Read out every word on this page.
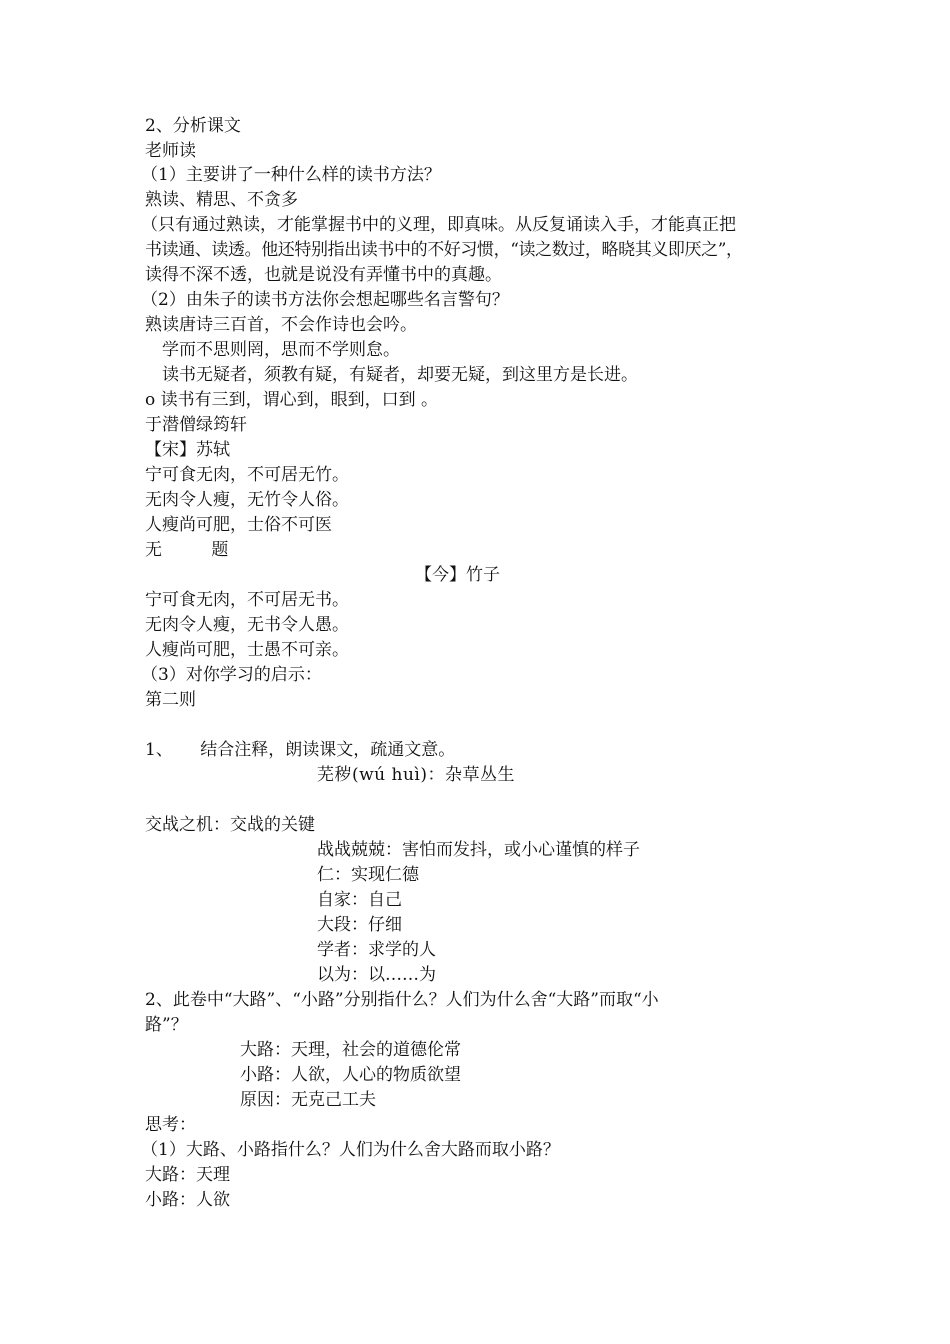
2、分析课文
老师读
（1）主要讲了一种什么样的读书方法？
熟读、精思、不贪多
（只有通过熟读，才能掌握书中的义理，即真味。从反复诵读入手，才能真正把
书读通、读透。他还特别指出读书中的不好习惯，“读之数过，略晓其义即厌之”，
读得不深不透，也就是说没有弄懂书中的真趣。
（2）由朱子的读书方法你会想起哪些名言警句？
熟读唐诗三百首，不会作诗也会吟。
学而不思则罔，思而不学则怠。
读书无疑者，须教有疑，有疑者，却要无疑，到这里方是长进。
o 读书有三到，谓心到，眼到，口到 。
于潜僧绿筠轩
【宋】苏轼
宁可食无肉，不可居无竹。
无肉令人瘦，无竹令人俗。
人瘦尚可肥，士俗不可医
无 题
【今】竹子
宁可食无肉，不可居无书。
无肉令人瘦，无书令人愚。
人瘦尚可肥，士愚不可亲。
（3）对你学习的启示：
第二则
1、 结合注释，朗读课文，疏通文意。
芜秽(wú huì)：杂草丛生
交战之机：交战的关键
战战兢兢：害怕而发抖，或小心谨慎的样子
仁：实现仁德
自家：自己
大段：仔细
学者：求学的人
以为：以……为
2、此卷中“大路”、“小路”分别指什么？人们为什么舍“大路”而取“小
路”？
大路：天理，社会的道德伦常
小路：人欲，人心的物质欲望
原因：无克己工夫
思考：
（1）大路、小路指什么？人们为什么舍大路而取小路？
大路：天理
小路：人欲
